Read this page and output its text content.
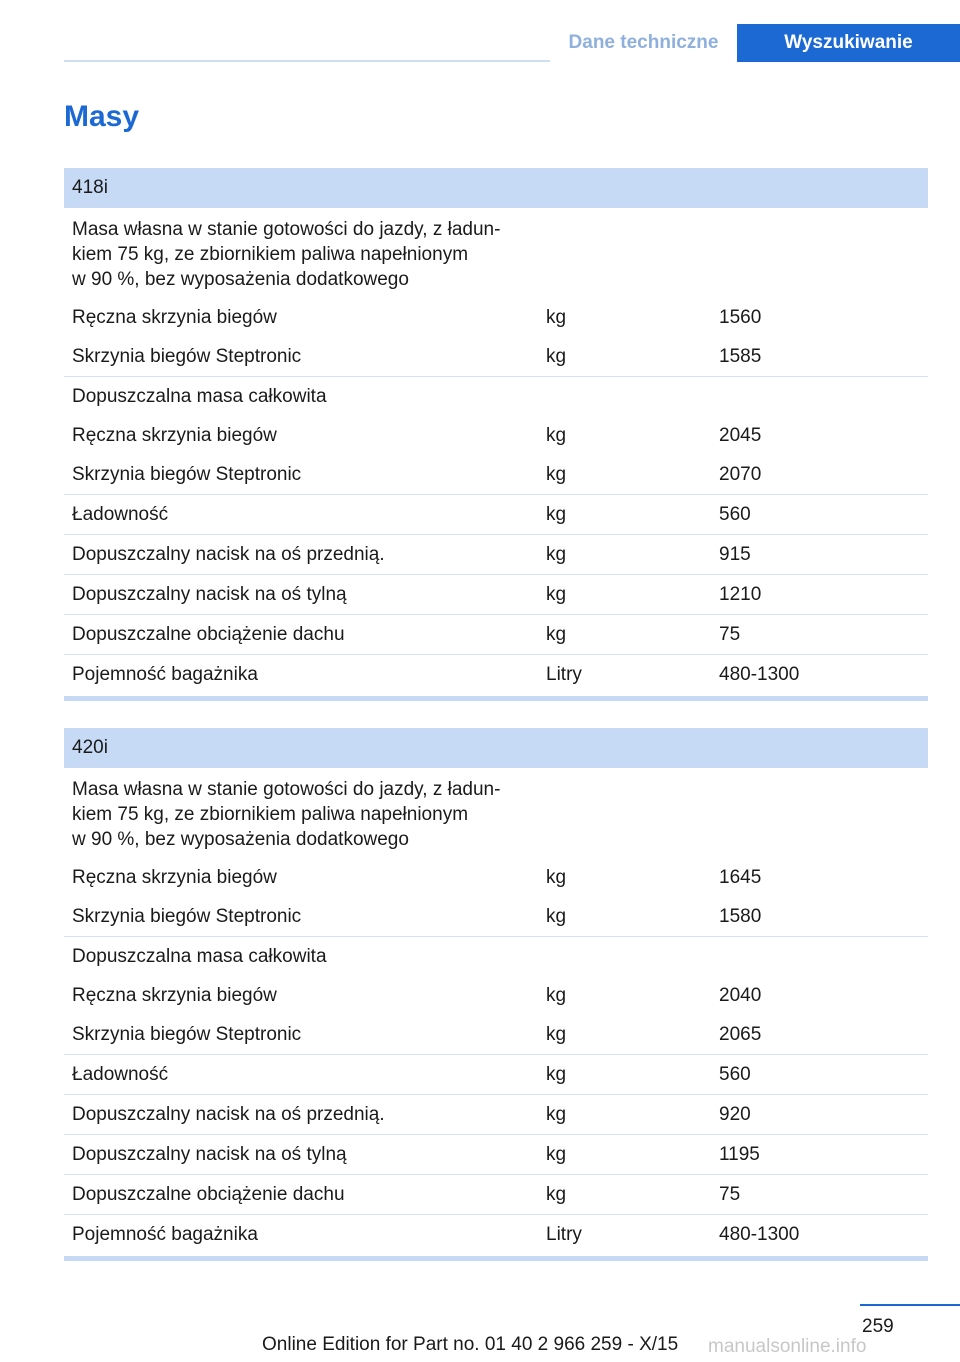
Dane techniczne	Wyszukiwanie
Masy
418i
Masa własna w stanie gotowości do jazdy, z ładun-
kiem 75 kg, ze zbiornikiem paliwa napełnionym
w 90 %, bez wyposażenia dodatkowego
Ręczna skrzynia biegów	kg	1560
Skrzynia biegów Steptronic	kg	1585
Dopuszczalna masa całkowita
Ręczna skrzynia biegów	kg	2045
Skrzynia biegów Steptronic	kg	2070
Ładowność	kg	560
Dopuszczalny nacisk na oś przednią.	kg	915
Dopuszczalny nacisk na oś tylną	kg	1210
Dopuszczalne obciążenie dachu	kg	75
Pojemność bagażnika	Litry	480-1300
420i
Masa własna w stanie gotowości do jazdy, z ładun-
kiem 75 kg, ze zbiornikiem paliwa napełnionym
w 90 %, bez wyposażenia dodatkowego
Ręczna skrzynia biegów	kg	1645
Skrzynia biegów Steptronic	kg	1580
Dopuszczalna masa całkowita
Ręczna skrzynia biegów	kg	2040
Skrzynia biegów Steptronic	kg	2065
Ładowność	kg	560
Dopuszczalny nacisk na oś przednią.	kg	920
Dopuszczalny nacisk na oś tylną	kg	1195
Dopuszczalne obciążenie dachu	kg	75
Pojemność bagażnika	Litry	480-1300
259
Online Edition for Part no. 01 40 2 966 259 - X/15 manualsonline.info
